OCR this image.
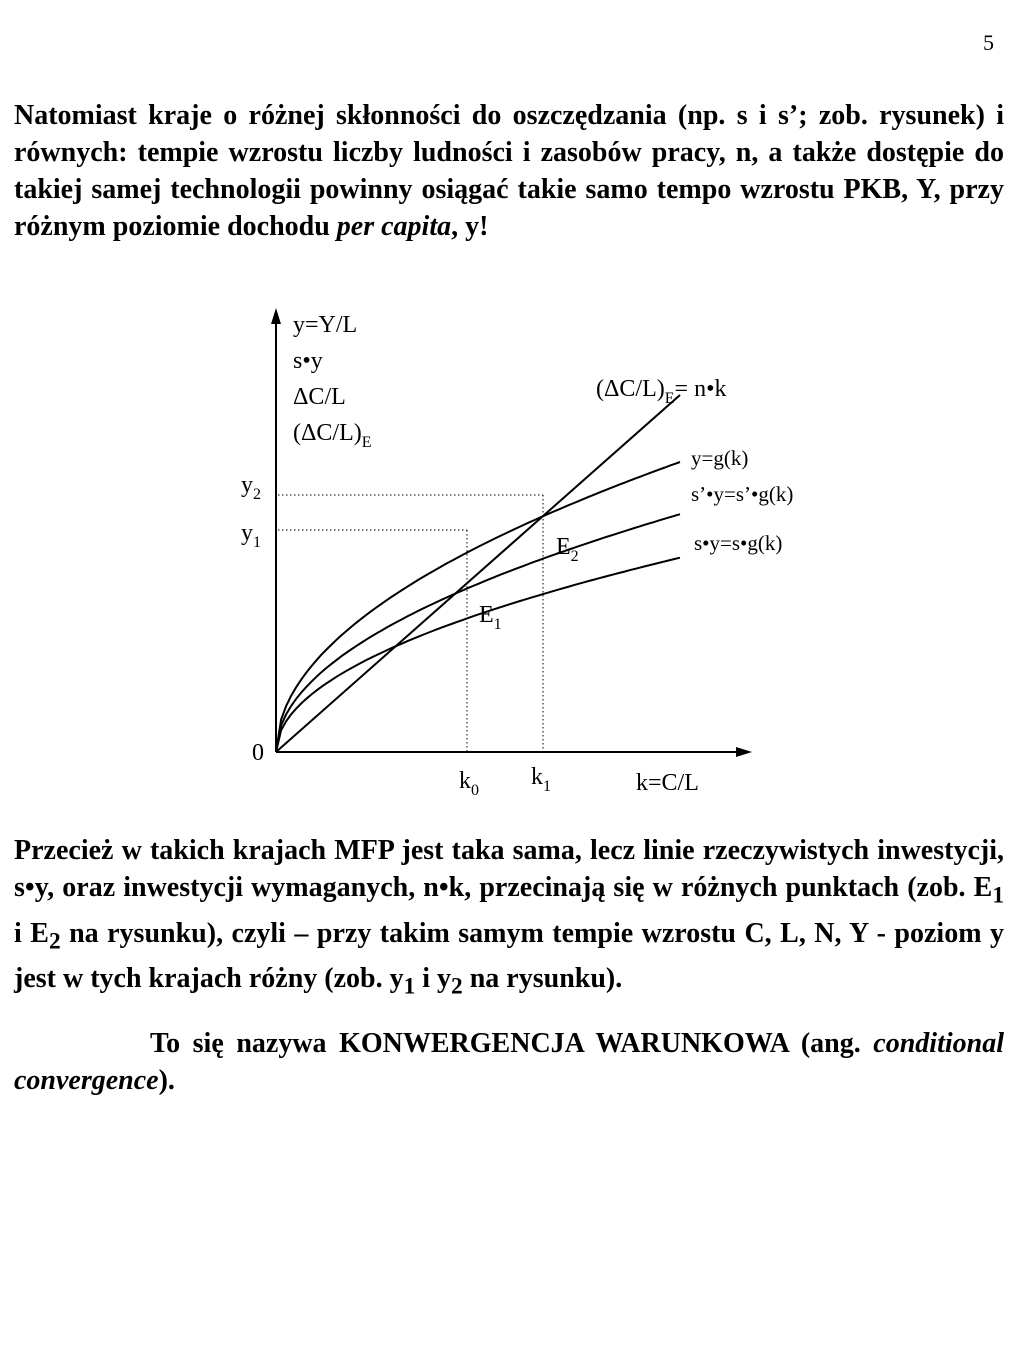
5

Natomiast kraje o różnej skłonności do oszczędzania (np. s i s’; zob. rysunek) i równych: tempie wzrostu liczby ludności i zasobów pracy, n, a także dostępie do takiej samej technologii powinny osiągać takie samo tempo wzrostu PKB, Y, przy różnym poziomie dochodu per capita, y!

y=Y/L
s•y
ΔC/L
$(\Delta C/L)_E$
$(\Delta C/L)_E=$ n•k
y=g(k)
s’•y=s’•g(k)
s•y=s•g(k)
$E_2$
$E_1$
$y_2$
$y_1$
0
$k_0$
$k_1$	k=C/L

Przecież w takich krajach MFP jest taka sama, lecz linie rzeczywistych inwestycji, s•y, oraz inwestycji wymaganych, n•k, przecinają się w różnych punktach (zob. $E_1$ i $E_2$ na rysunku), czyli – przy takim samym tempie wzrostu C, L, N, Y - poziom y jest w tych krajach różny (zob. $y_1$ i $y_2$ na rysunku).

To się nazywa KONWERGENCJA WARUNKOWA (ang. conditional convergence).
